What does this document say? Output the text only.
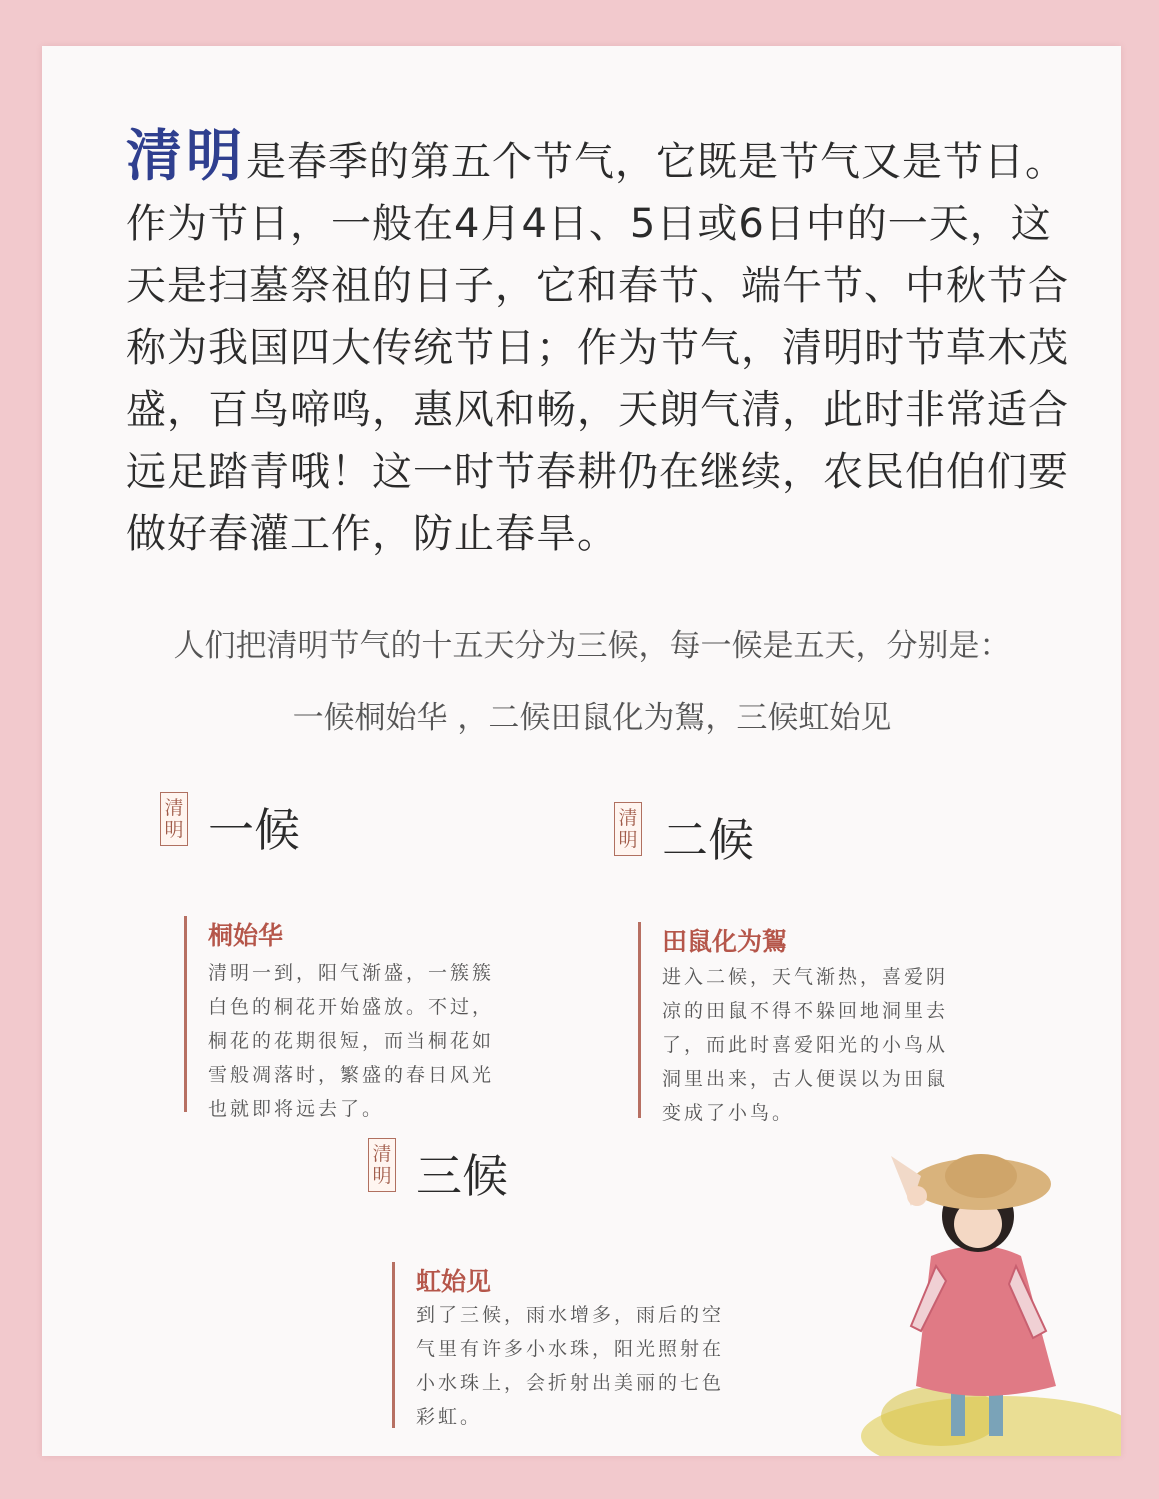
清明是春季的第五个节气，它既是节气又是节日。作为节日，一般在4月4日、5日或6日中的一天，这天是扫墓祭祖的日子，它和春节、端午节、中秋节合称为我国四大传统节日；作为节气，清明时节草木茂盛，百鸟啼鸣，惠风和畅，天朗气清，此时非常适合远足踏青哦！这一时节春耕仍在继续，农民伯伯们要做好春灌工作，防止春旱。

人们把清明节气的十五天分为三候，每一候是五天，分别是：

一候桐始华 ，二候田鼠化为鴽，三候虹始见

清明 一候
桐始华

清明一到，阳气渐盛，一簇簇白色的桐花开始盛放。不过，桐花的花期很短，而当桐花如雪般凋落时，繁盛的春日风光也就即将远去了。

清明 二候
田鼠化为鴽

进入二候，天气渐热，喜爱阴凉的田鼠不得不躲回地洞里去了，而此时喜爱阳光的小鸟从洞里出来，古人便误以为田鼠变成了小鸟。

清明 三候
虹始见

到了三候，雨水增多，雨后的空气里有许多小水珠，阳光照射在小水珠上，会折射出美丽的七色彩虹。
